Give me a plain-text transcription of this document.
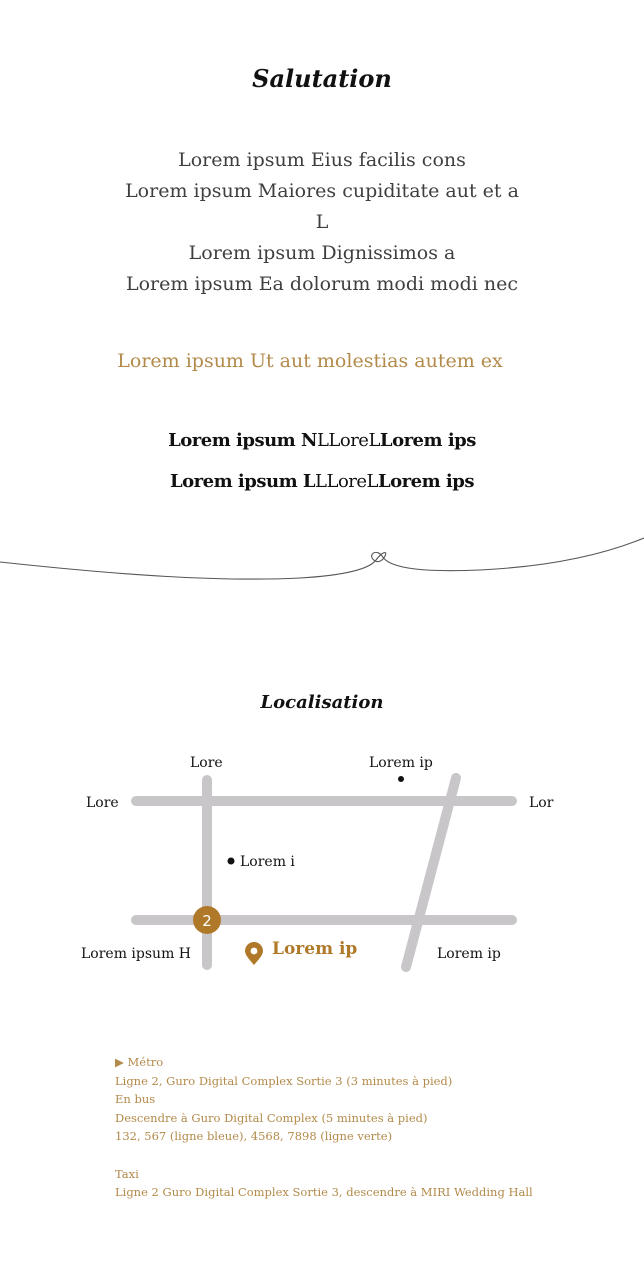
Salutation
Lorem ipsum Eius facilis cons
Lorem ipsum Maiores cupiditate aut et a
L
Lorem ipsum Dignissimos a
Lorem ipsum Ea dolorum modi modi nec
Lorem ipsum Ut aut molestias autem ex
Lorem ipsum NLLoreLLorem ips
Lorem ipsum LLLoreLLorem ips
Localisation
2
Lore	Lorem ip
Lore	Lor
Lorem i
Lorem ipsum H	Lorem ip
Lorem ip
▶ Métro
Ligne 2, Guro Digital Complex Sortie 3 (3 minutes à pied)
En bus
Descendre à Guro Digital Complex (5 minutes à pied)
132, 567 (ligne bleue), 4568, 7898 (ligne verte)
Taxi
Ligne 2 Guro Digital Complex Sortie 3, descendre à MIRI Wedding Hall
